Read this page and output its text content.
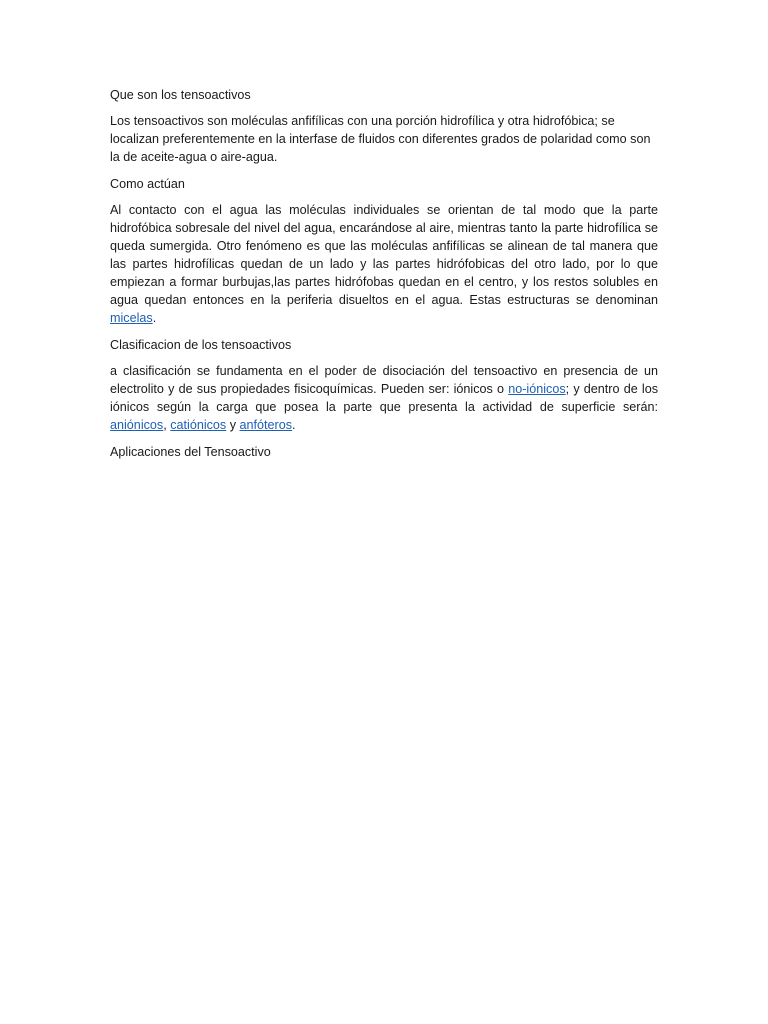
Que son los tensoactivos

Los tensoactivos son moléculas anfifílicas con una porción hidrofílica y otra hidrofóbica; se localizan preferentemente en la interfase de fluidos con diferentes grados de polaridad como son la de aceite-agua o aire-agua.

Como actúan

Al contacto con el agua las moléculas individuales se orientan de tal modo que la parte hidrofóbica sobresale del nivel del agua, encarándose al aire, mientras tanto la parte hidrofílica se queda sumergida. Otro fenómeno es que las moléculas anfifílicas se alinean de tal manera que las partes hidrofílicas quedan de un lado y las partes hidrófobicas del otro lado, por lo que empiezan a formar burbujas,las partes hidrófobas quedan en el centro, y los restos solubles en agua quedan entonces en la periferia disueltos en el agua. Estas estructuras se denominan micelas.

Clasificacion de los tensoactivos

a clasificación se fundamenta en el poder de disociación del tensoactivo en presencia de un electrolito y de sus propiedades fisicoquímicas. Pueden ser: iónicos o no-iónicos; y dentro de los iónicos según la carga que posea la parte que presenta la actividad de superficie serán: aniónicos, catiónicos y anfóteros.

Aplicaciones del Tensoactivo
